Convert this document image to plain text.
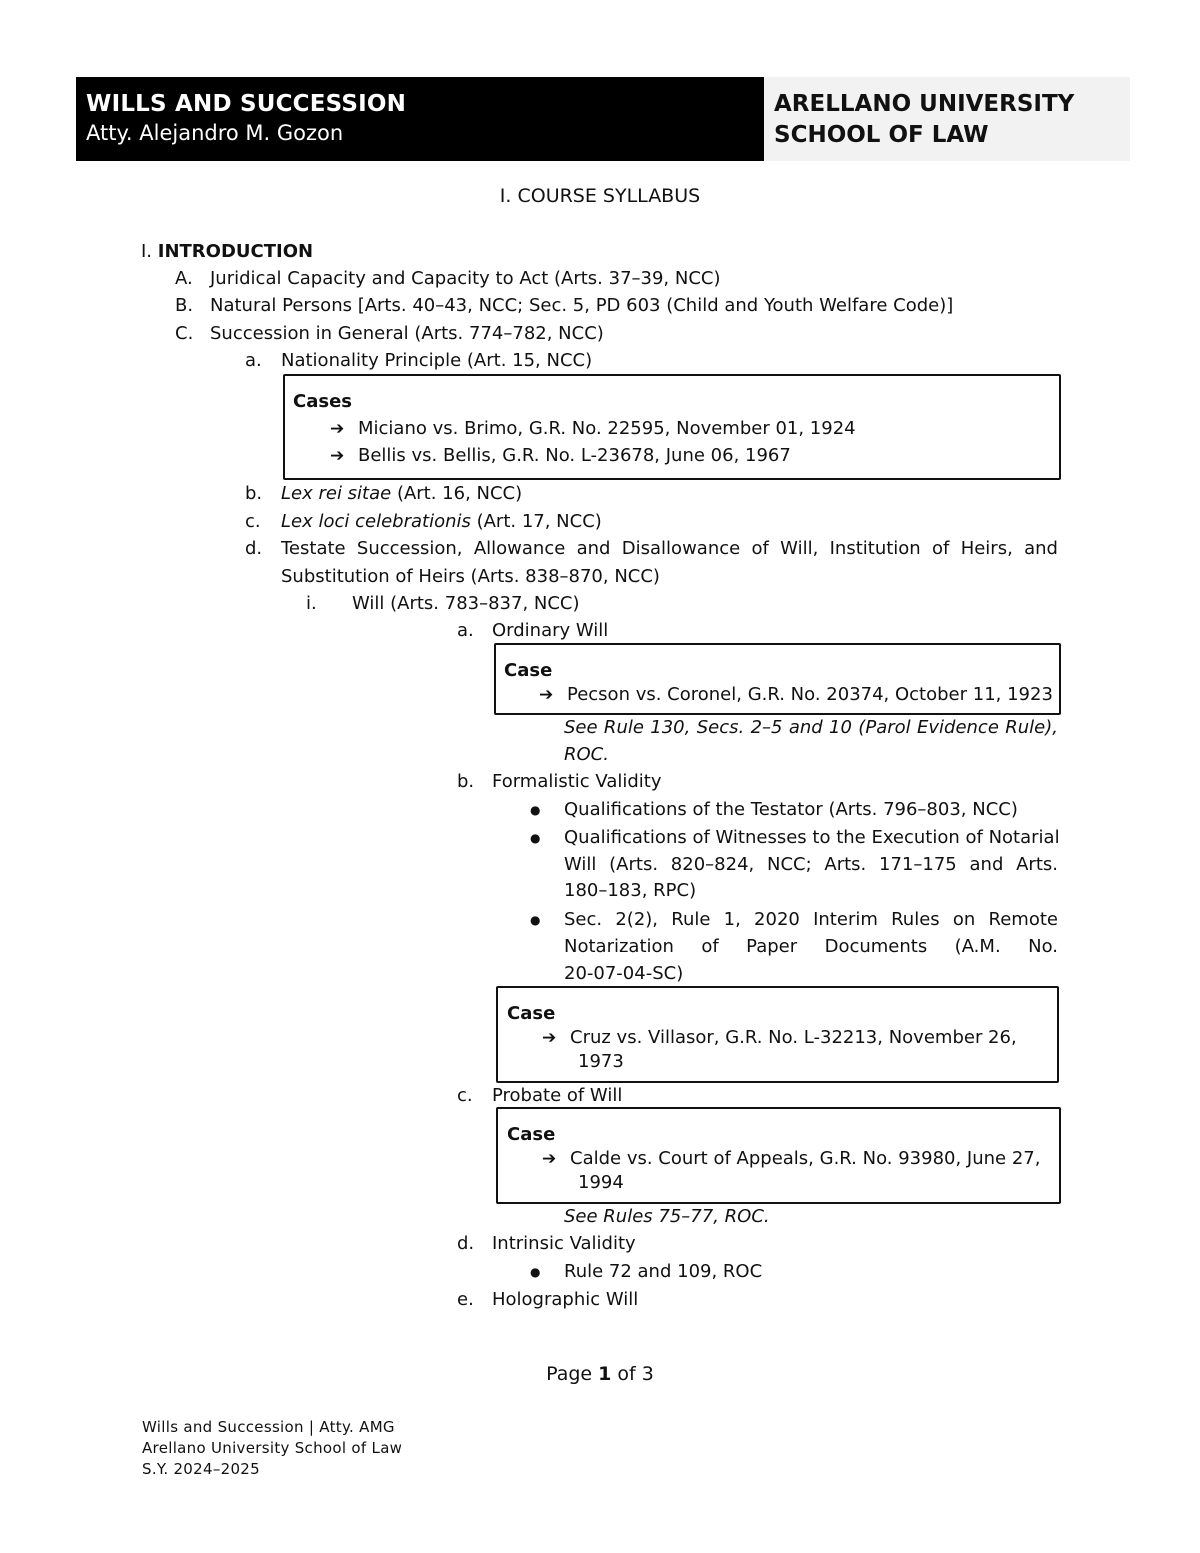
WILLS AND SUCCESSION
Atty. Alejandro M. Gozon
ARELLANO UNIVERSITY
SCHOOL OF LAW
I. COURSE SYLLABUS
I. INTRODUCTION
A. Juridical Capacity and Capacity to Act (Arts. 37–39, NCC)
B. Natural Persons [Arts. 40–43, NCC; Sec. 5, PD 603 (Child and Youth Welfare Code)]
C. Succession in General (Arts. 774–782, NCC)
a. Nationality Principle (Art. 15, NCC)
Cases
➔ Miciano vs. Brimo, G.R. No. 22595, November 01, 1924
➔ Bellis vs. Bellis, G.R. No. L-23678, June 06, 1967
b. Lex rei sitae (Art. 16, NCC)
c. Lex loci celebrationis (Art. 17, NCC)
d. Testate Succession, Allowance and Disallowance of Will, Institution of Heirs, and
Substitution of Heirs (Arts. 838–870, NCC)
i. Will (Arts. 783–837, NCC)
a. Ordinary Will
Case
➔ Pecson vs. Coronel, G.R. No. 20374, October 11, 1923
See Rule 130, Secs. 2–5 and 10 (Parol Evidence Rule),
ROC.
b. Formalistic Validity
● Qualifications of the Testator (Arts. 796–803, NCC)
● Qualifications of Witnesses to the Execution of Notarial
Will (Arts. 820–824, NCC; Arts. 171–175 and Arts.
180–183, RPC)
● Sec. 2(2), Rule 1, 2020 Interim Rules on Remote
Notarization of Paper Documents (A.M. No.
20-07-04-SC)
Case
➔ Cruz vs. Villasor, G.R. No. L-32213, November 26,
1973
c. Probate of Will
Case
➔ Calde vs. Court of Appeals, G.R. No. 93980, June 27,
1994
See Rules 75–77, ROC.
d. Intrinsic Validity
● Rule 72 and 109, ROC
e. Holographic Will
Page 1 of 3
Wills and Succession | Atty. AMG
Arellano University School of Law
S.Y. 2024–2025
